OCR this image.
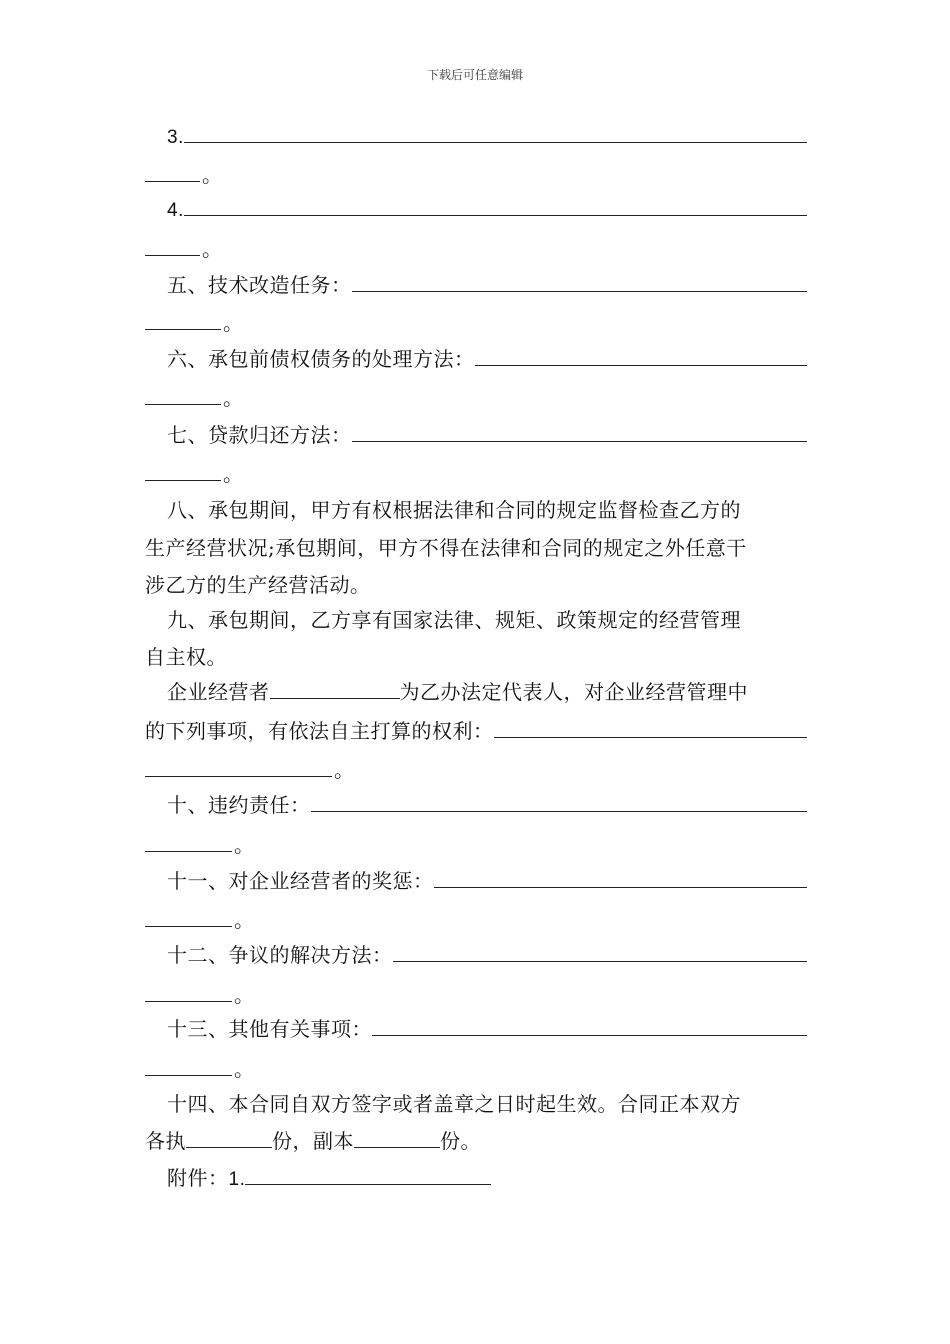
下载后可任意编辑
3.
。
4.
。
五、技术改造任务：
。
六、承包前债权债务的处理方法：
。
七、贷款归还方法：
。
八、承包期间，甲方有权根据法律和合同的规定监督检查乙方的
生产经营状况;承包期间，甲方不得在法律和合同的规定之外任意干
涉乙方的生产经营活动。
九、承包期间，乙方享有国家法律、规矩、政策规定的经营管理
自主权。
企业经营者	为乙办法定代表人，对企业经营管理中
的下列事项，有依法自主打算的权利：
。
十、违约责任：
。
十一、对企业经营者的奖惩：
。
十二、争议的解决方法：
。
十三、其他有关事项：
。
十四、本合同自双方签字或者盖章之日时起生效。合同正本双方
各执	份，副本	份。
附件： 1.
